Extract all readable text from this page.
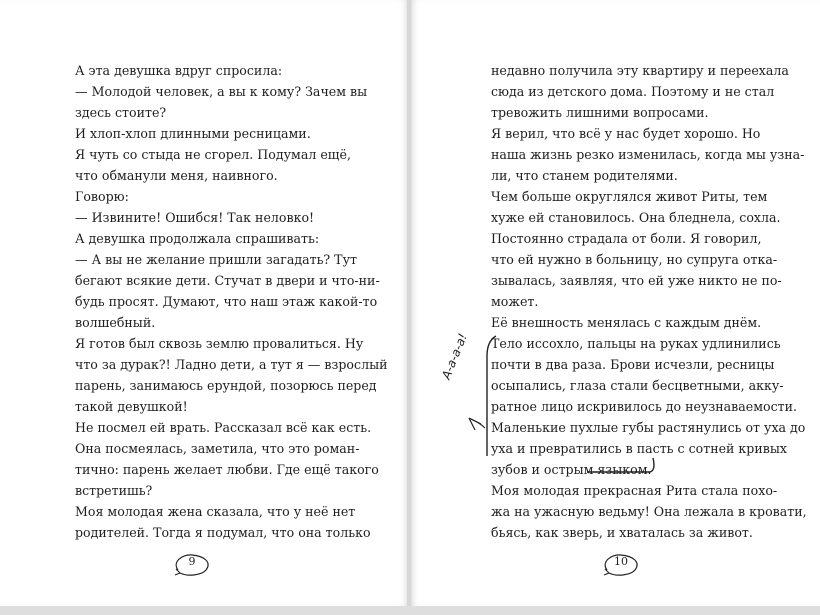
А эта девушка вдруг спросила:
— Молодой человек, а вы к кому? Зачем вы
здесь стоите?
И хлоп-хлоп длинными ресницами.
Я чуть со стыда не сгорел. Подумал ещё,
что обманули меня, наивного.
Говорю:
— Извините! Ошибся! Так неловко!
А девушка продолжала спрашивать:
— А вы не желание пришли загадать? Тут
бегают всякие дети. Стучат в двери и что-ни-
будь просят. Думают, что наш этаж какой-то
волшебный.
Я готов был сквозь землю провалиться. Ну
что за дурак?! Ладно дети, а тут я — взрослый
парень, занимаюсь ерундой, позорюсь перед
такой девушкой!
Не посмел ей врать. Рассказал всё как есть.
Она посмеялась, заметила, что это роман-
тично: парень желает любви. Где ещё такого
встретишь?
Моя молодая жена сказала, что у неё нет
родителей. Тогда я подумал, что она только
9
недавно получила эту квартиру и переехала
сюда из детского дома. Поэтому и не стал
тревожить лишними вопросами.
Я верил, что всё у нас будет хорошо. Но
наша жизнь резко изменилась, когда мы узна-
ли, что станем родителями.
Чем больше округлялся живот Риты, тем
хуже ей становилось. Она бледнела, сохла.
Постоянно страдала от боли. Я говорил,
что ей нужно в больницу, но супруга отка-
зывалась, заявляя, что ей уже никто не по-
может.
Её внешность менялась с каждым днём.
Тело иссохло, пальцы на руках удлинились
почти в два раза. Брови исчезли, ресницы
осыпались, глаза стали бесцветными, акку-
ратное лицо искривилось до неузнаваемости.
Маленькие пухлые губы растянулись от уха до
уха и превратились в пасть с сотней кривых
зубов и острым языком.
Моя молодая прекрасная Рита стала похо-
жа на ужасную ведьму! Она лежала в кровати,
бьясь, как зверь, и хваталась за живот.
А-а-а-а!
10
